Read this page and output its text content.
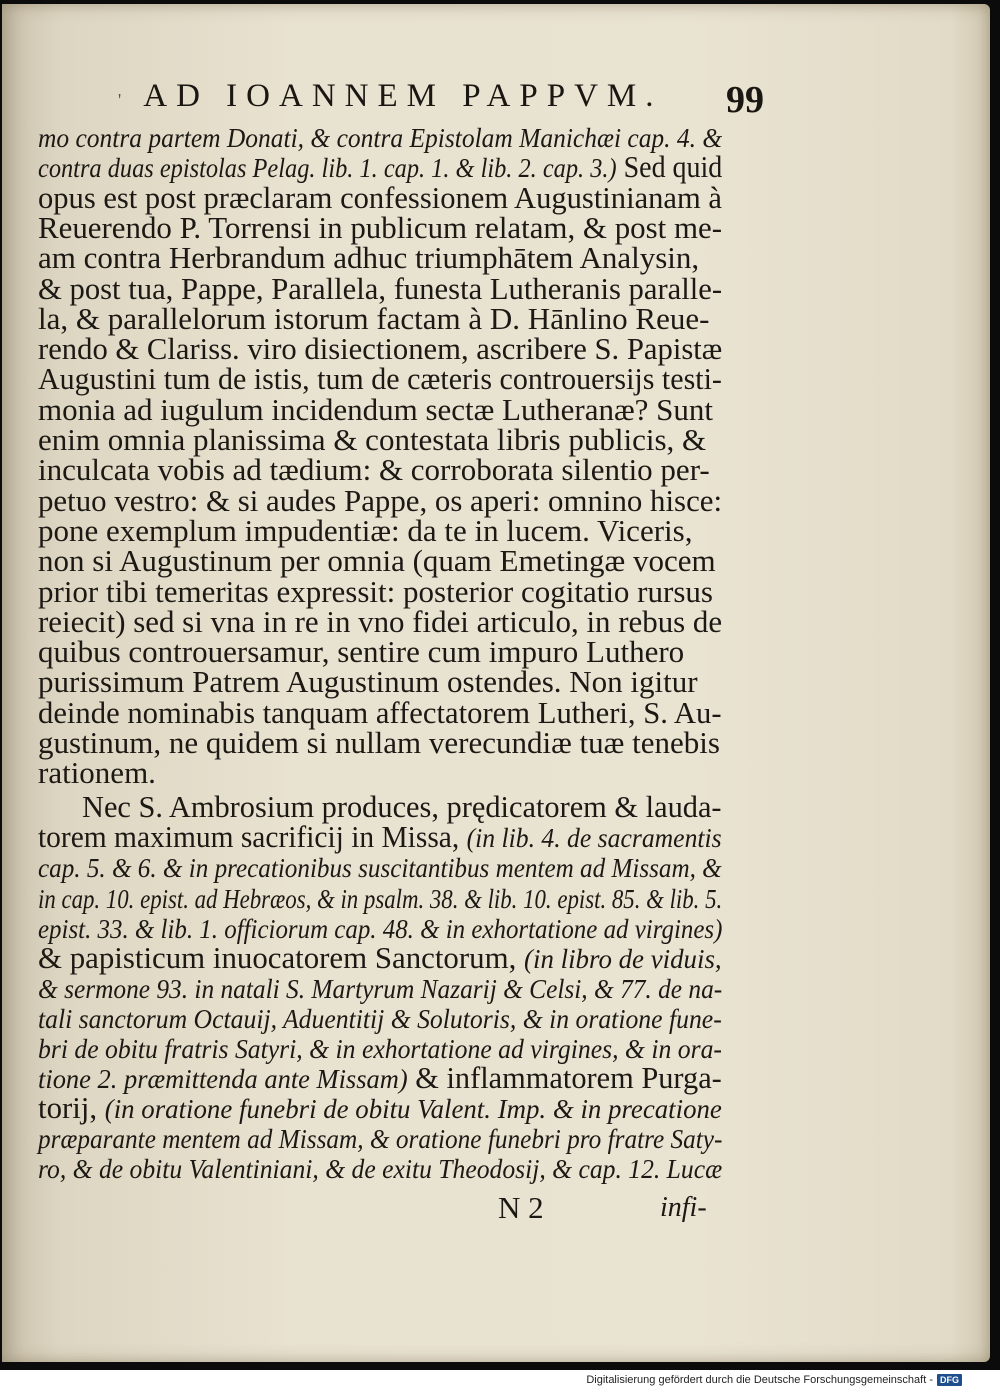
' AD IOANNEM PAPPVM. 99
mo contra partem Donati, & contra Epistolam Manichæi cap. 4. &
contra duas epistolas Pelag. lib. 1. cap. 1. & lib. 2. cap. 3.) Sed quid
opus est post præclaram confessionem Augustinianam à
Reuerendo P. Torrensi in publicum relatam, & post me-
am contra Herbrandum adhuc triumphātem Analysin,
& post tua, Pappe, Parallela, funesta Lutheranis paralle-
la, & parallelorum istorum factam à D. Hānlino Reue-
rendo & Clariss. viro disiectionem, ascribere S. Papistæ
Augustini tum de istis, tum de cæteris controuersijs testi-
monia ad iugulum incidendum sectæ Lutheranæ? Sunt
enim omnia planissima & contestata libris publicis, &
inculcata vobis ad tædium: & corroborata silentio per-
petuo vestro: & si audes Pappe, os aperi: omnino hisce:
pone exemplum impudentiæ: da te in lucem. Viceris,
non si Augustinum per omnia (quam Emetingæ vocem
prior tibi temeritas expressit: posterior cogitatio rursus
reiecit) sed si vna in re in vno fidei articulo, in rebus de
quibus controuersamur, sentire cum impuro Luthero
purissimum Patrem Augustinum ostendes. Non igitur
deinde nominabis tanquam affectatorem Lutheri, S. Au-
gustinum, ne quidem si nullam verecundiæ tuæ tenebis
rationem.
Nec S. Ambrosium produces, prędicatorem & lauda-
torem maximum sacrificij in Missa, (in lib. 4. de sacramentis
cap. 5. & 6. & in precationibus suscitantibus mentem ad Missam, &
in cap. 10. epist. ad Hebræos, & in psalm. 38. & lib. 10. epist. 85. & lib. 5.
epist. 33. & lib. 1. officiorum cap. 48. & in exhortatione ad virgines)
& papisticum inuocatorem Sanctorum, (in libro de viduis,
& sermone 93. in natali S. Martyrum Nazarij & Celsi, & 77. de na-
tali sanctorum Octauij, Aduentitij & Solutoris, & in oratione fune-
bri de obitu fratris Satyri, & in exhortatione ad virgines, & in ora-
tione 2. præmittenda ante Missam) & inflammatorem Purga-
torij, (in oratione funebri de obitu Valent. Imp. & in precatione
præparante mentem ad Missam, & oratione funebri pro fratre Saty-
ro, & de obitu Valentiniani, & de exitu Theodosij, & cap. 12. Lucæ
N 2	infi-
Digitalisierung gefördert durch die Deutsche Forschungsgemeinschaft - DFG
